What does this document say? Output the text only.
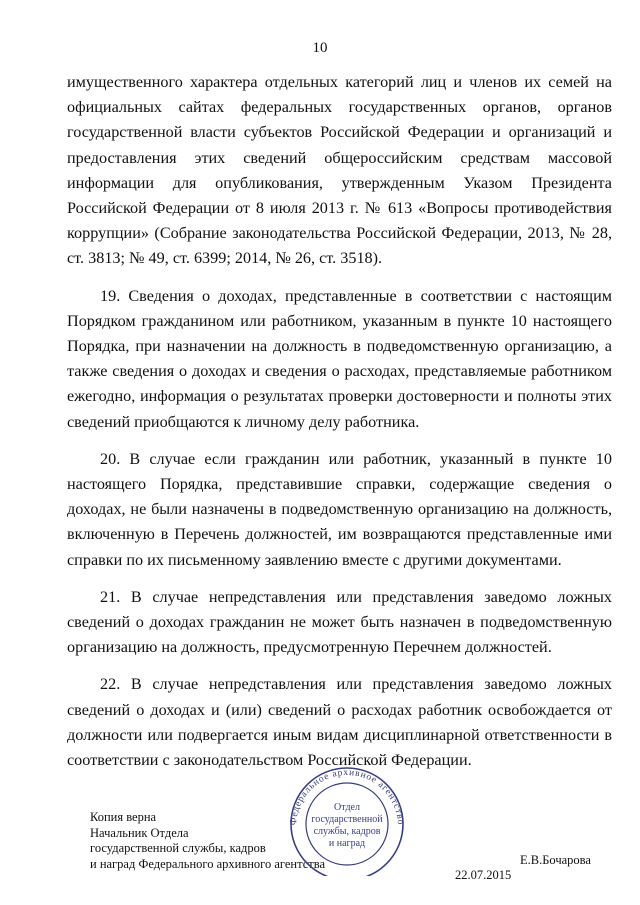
10

имущественного характера отдельных категорий лиц и членов их семей на официальных сайтах федеральных государственных органов, органов государственной власти субъектов Российской Федерации и организаций и предоставления этих сведений общероссийским средствам массовой информации для опубликования, утвержденным Указом Президента Российской Федерации от 8 июля 2013 г. № 613 «Вопросы противодействия коррупции» (Собрание законодательства Российской Федерации, 2013, № 28, ст. 3813; № 49, ст. 6399; 2014, № 26, ст. 3518).

19. Сведения о доходах, представленные в соответствии с настоящим Порядком гражданином или работником, указанным в пункте 10 настоящего Порядка, при назначении на должность в подведомственную организацию, а также сведения о доходах и сведения о расходах, представляемые работником ежегодно, информация о результатах проверки достоверности и полноты этих сведений приобщаются к личному делу работника.

20. В случае если гражданин или работник, указанный в пункте 10 настоящего Порядка, представившие справки, содержащие сведения о доходах, не были назначены в подведомственную организацию на должность, включенную в Перечень должностей, им возвращаются представленные ими справки по их письменному заявлению вместе с другими документами.

21. В случае непредставления или представления заведомо ложных сведений о доходах гражданин не может быть назначен в подведомственную организацию на должность, предусмотренную Перечнем должностей.

22. В случае непредставления или представления заведомо ложных сведений о доходах и (или) сведений о расходах работник освобождается от должности или подвергается иным видам дисциплинарной ответственности в соответствии с законодательством Российской Федерации.

Копия верна
Начальник Отдела
государственной службы, кадров
и наград Федерального архивного агентства	Е.В.Бочарова
22.07.2015
Федеральное архивное агентство
Отдел
государственной
службы, кадров
и наград
